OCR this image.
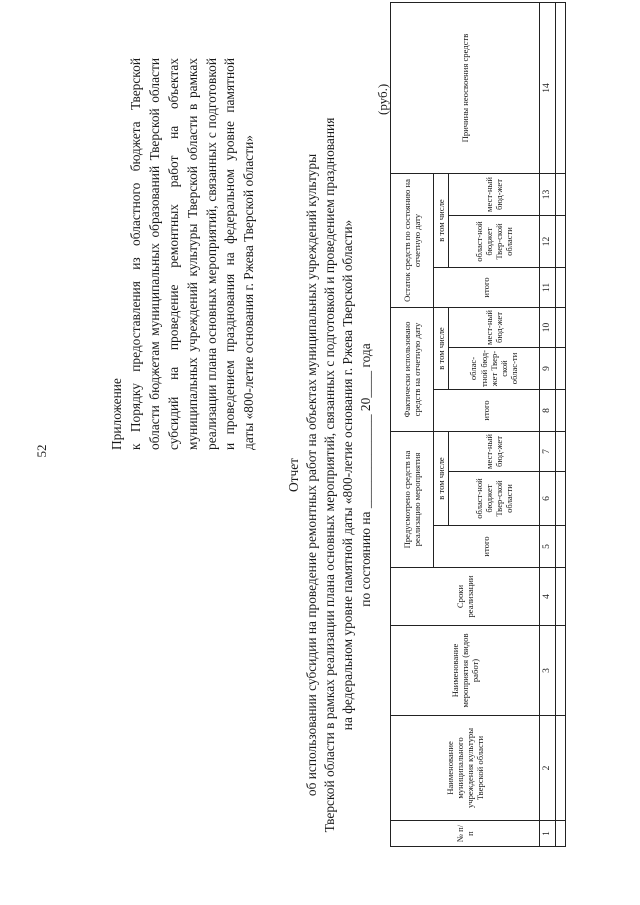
52
Приложение к Порядку предоставления из областного бюджета Тверской области бюджетам муниципальных образований Тверской области субсидий на проведение ремонтных работ на объектах муниципальных учреждений культуры Тверской области в рамках реализации плана основных мероприятий, связанных с подготовкой и проведением празднования на федеральном уровне памятной даты «800-летие основания г. Ржева Тверской области»

Отчет об использовании субсидии на проведение ремонтных работ на объектах муниципальных учреждений культуры Тверской области в рамках реализации плана основных мероприятий, связанных с подготовкой и проведением празднования на федеральном уровне памятной даты «800-летие основания г. Ржева Тверской области» по состоянию на ______________ 20____ года
(руб.)
№ п/п	Наименование муниципального учреждения культуры Тверской области	Наименование мероприятия (видов работ)	Сроки реализации	Предусмотрено средств на реализацию мероприятия			Фактически использовано средств на отчетную дату			Остаток средств по состоянию на отчетную дату			Причины неосвоения средств
				итого	в том числе		итого	в том числе		итого	в том числе		
					област-ной бюджет Твер-ской области	мест-ный бюд-жет		облас-тной бюд-жет Твер-ской облас-ти	мест-ный бюд-жет		област-ной бюджет Твер-ской области	мест-ный бюд-жет	
1	2	3	4	5	6	7	8	9	10	11	12	13	14
